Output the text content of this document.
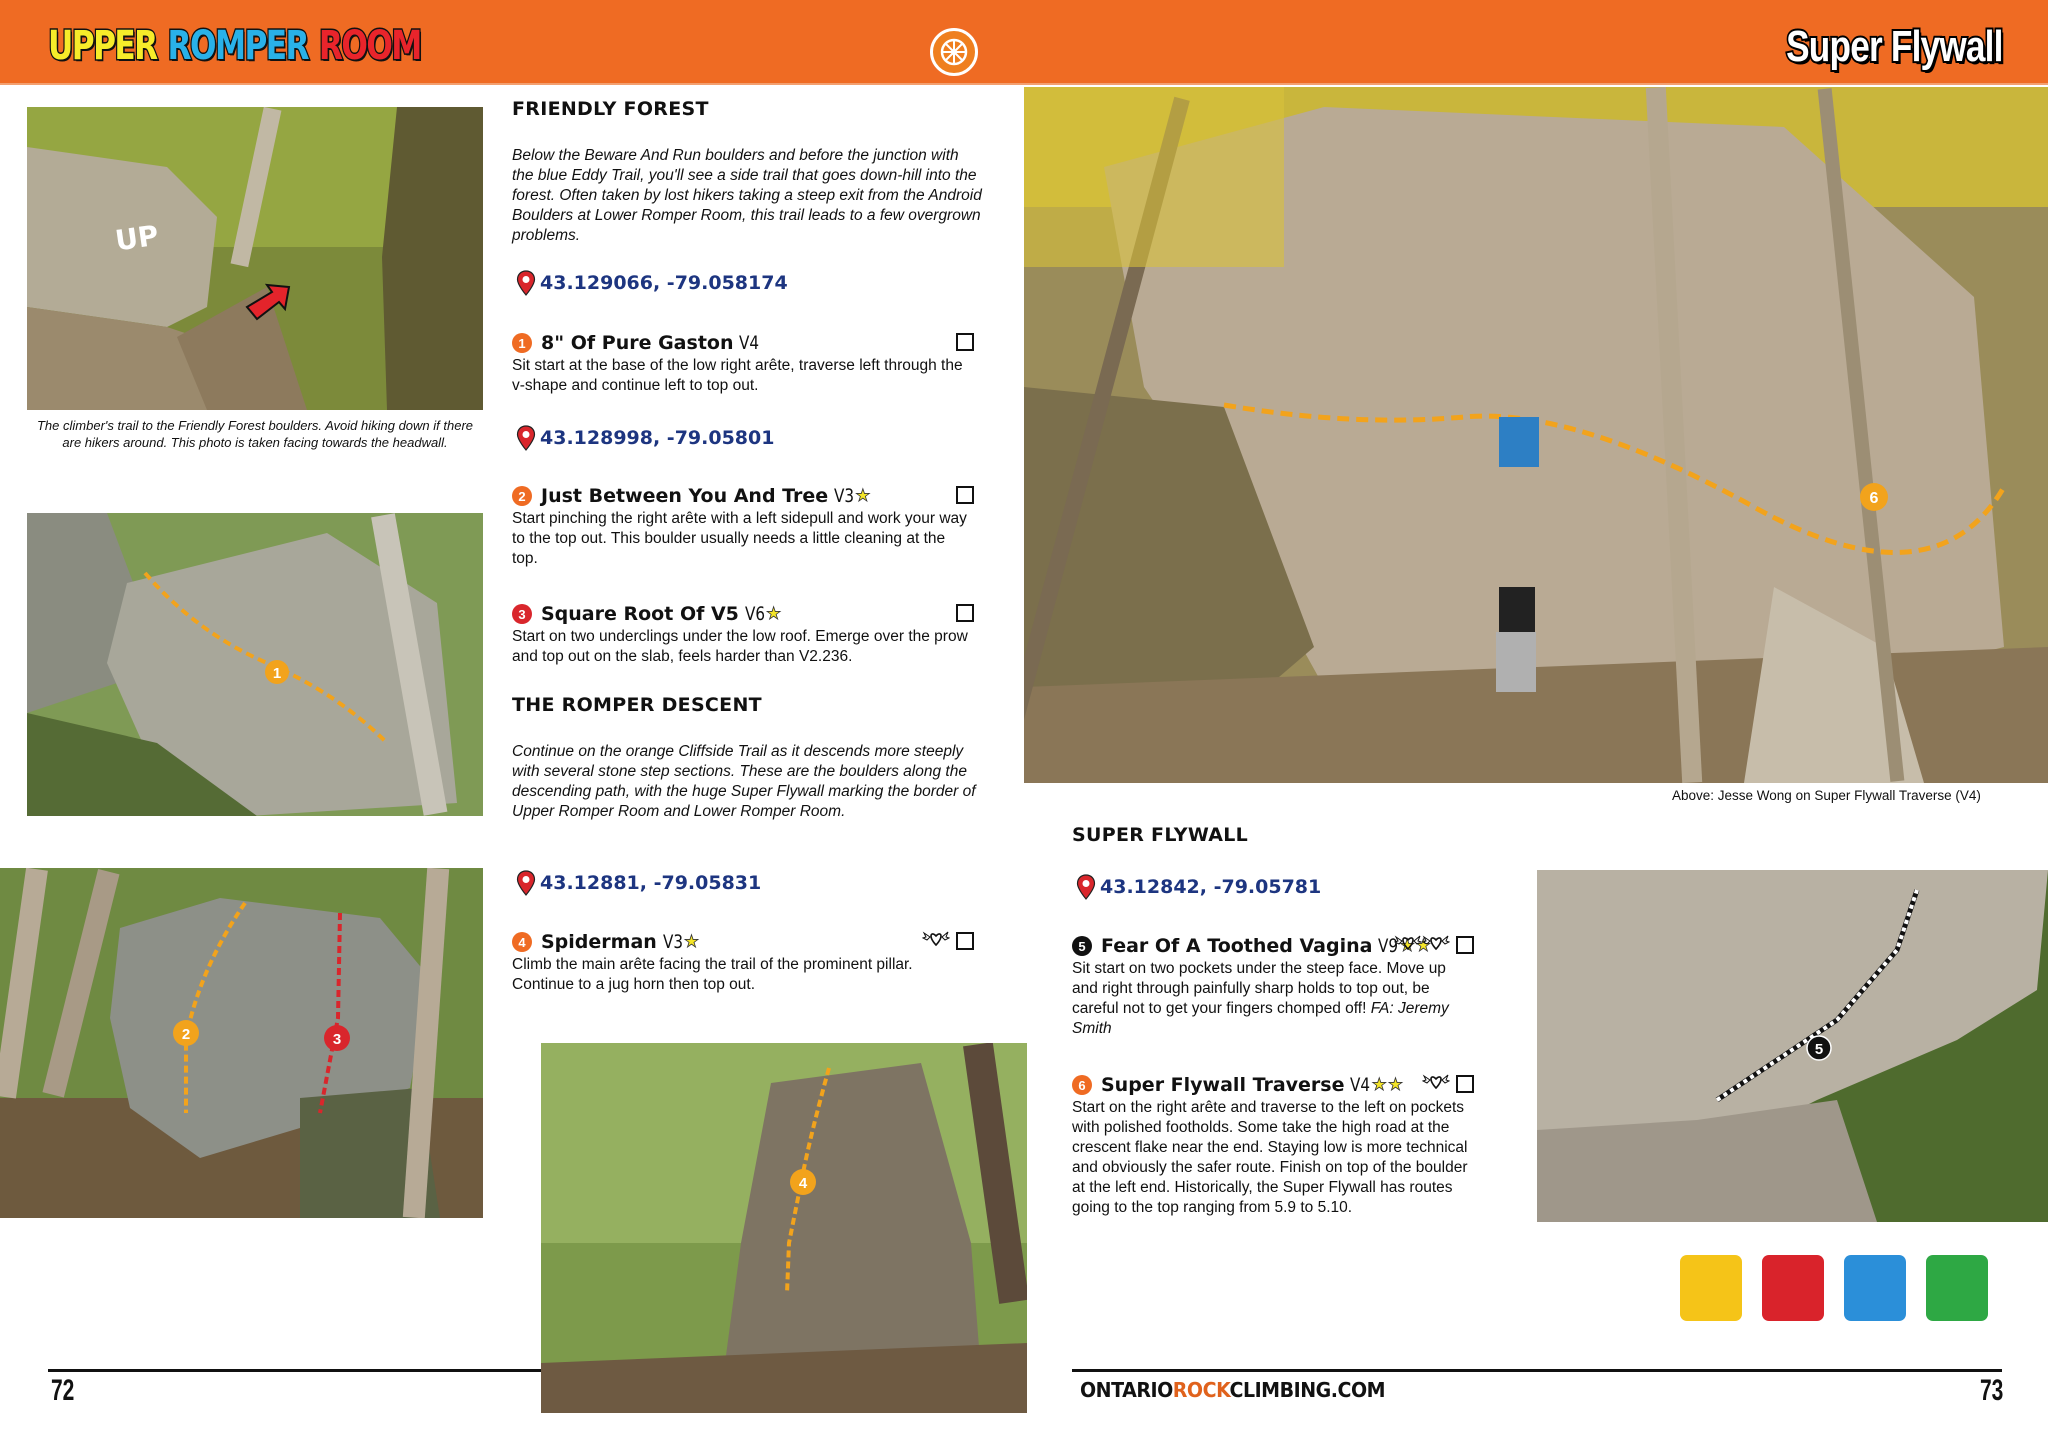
UPPER ROMPER ROOM	Super Flywall
UP
The climber's trail to the Friendly Forest boulders. Avoid hiking down if there are hikers around. This photo is taken facing towards the headwall.
1
2	3
4
FRIENDLY FOREST
Below the Beware And Run boulders and before the junction with the blue Eddy Trail, you'll see a side trail that goes down-hill into the forest. Often taken by lost hikers taking a steep exit from the Android Boulders at Lower Romper Room, this trail leads to a few overgrown problems.
43.129066, -79.058174
1 8" Of Pure Gaston V4
Sit start at the base of the low right arête, traverse left through the v-shape and continue left to top out.
43.128998, -79.05801
2 Just Between You And Tree V3 ★
Start pinching the right arête with a left sidepull and work your way to the top out. This boulder usually needs a little cleaning at the top.
3 Square Root Of V5 V6 ★
Start on two underclings under the low roof. Emerge over the prow and top out on the slab, feels harder than V2.236.
THE ROMPER DESCENT
Continue on the orange Cliffside Trail as it descends more steeply with several stone step sections. These are the boulders along the descending path, with the huge Super Flywall marking the border of Upper Romper Room and Lower Romper Room.
43.12881, -79.05831
4 Spiderman V3 ★
Climb the main arête facing the trail of the prominent pillar. Continue to a jug horn then top out.
6
Above: Jesse Wong on Super Flywall Traverse (V4)
SUPER FLYWALL
43.12842, -79.05781
5 Fear Of A Toothed Vagina V9 ★★
Sit start on two pockets under the steep face. Move up and right through painfully sharp holds to top out, be careful not to get your fingers chomped off! FA: Jeremy Smith
6 Super Flywall Traverse V4 ★★
Start on the right arête and traverse to the left on pockets with polished footholds. Some take the high road at the crescent flake near the end. Staying low is more technical and obviously the safer route. Finish on top of the boulder at the left end. Historically, the Super Flywall has routes going to the top ranging from 5.9 to 5.10.
5
72	73
ONTARIOROCKCLIMBING.COM
